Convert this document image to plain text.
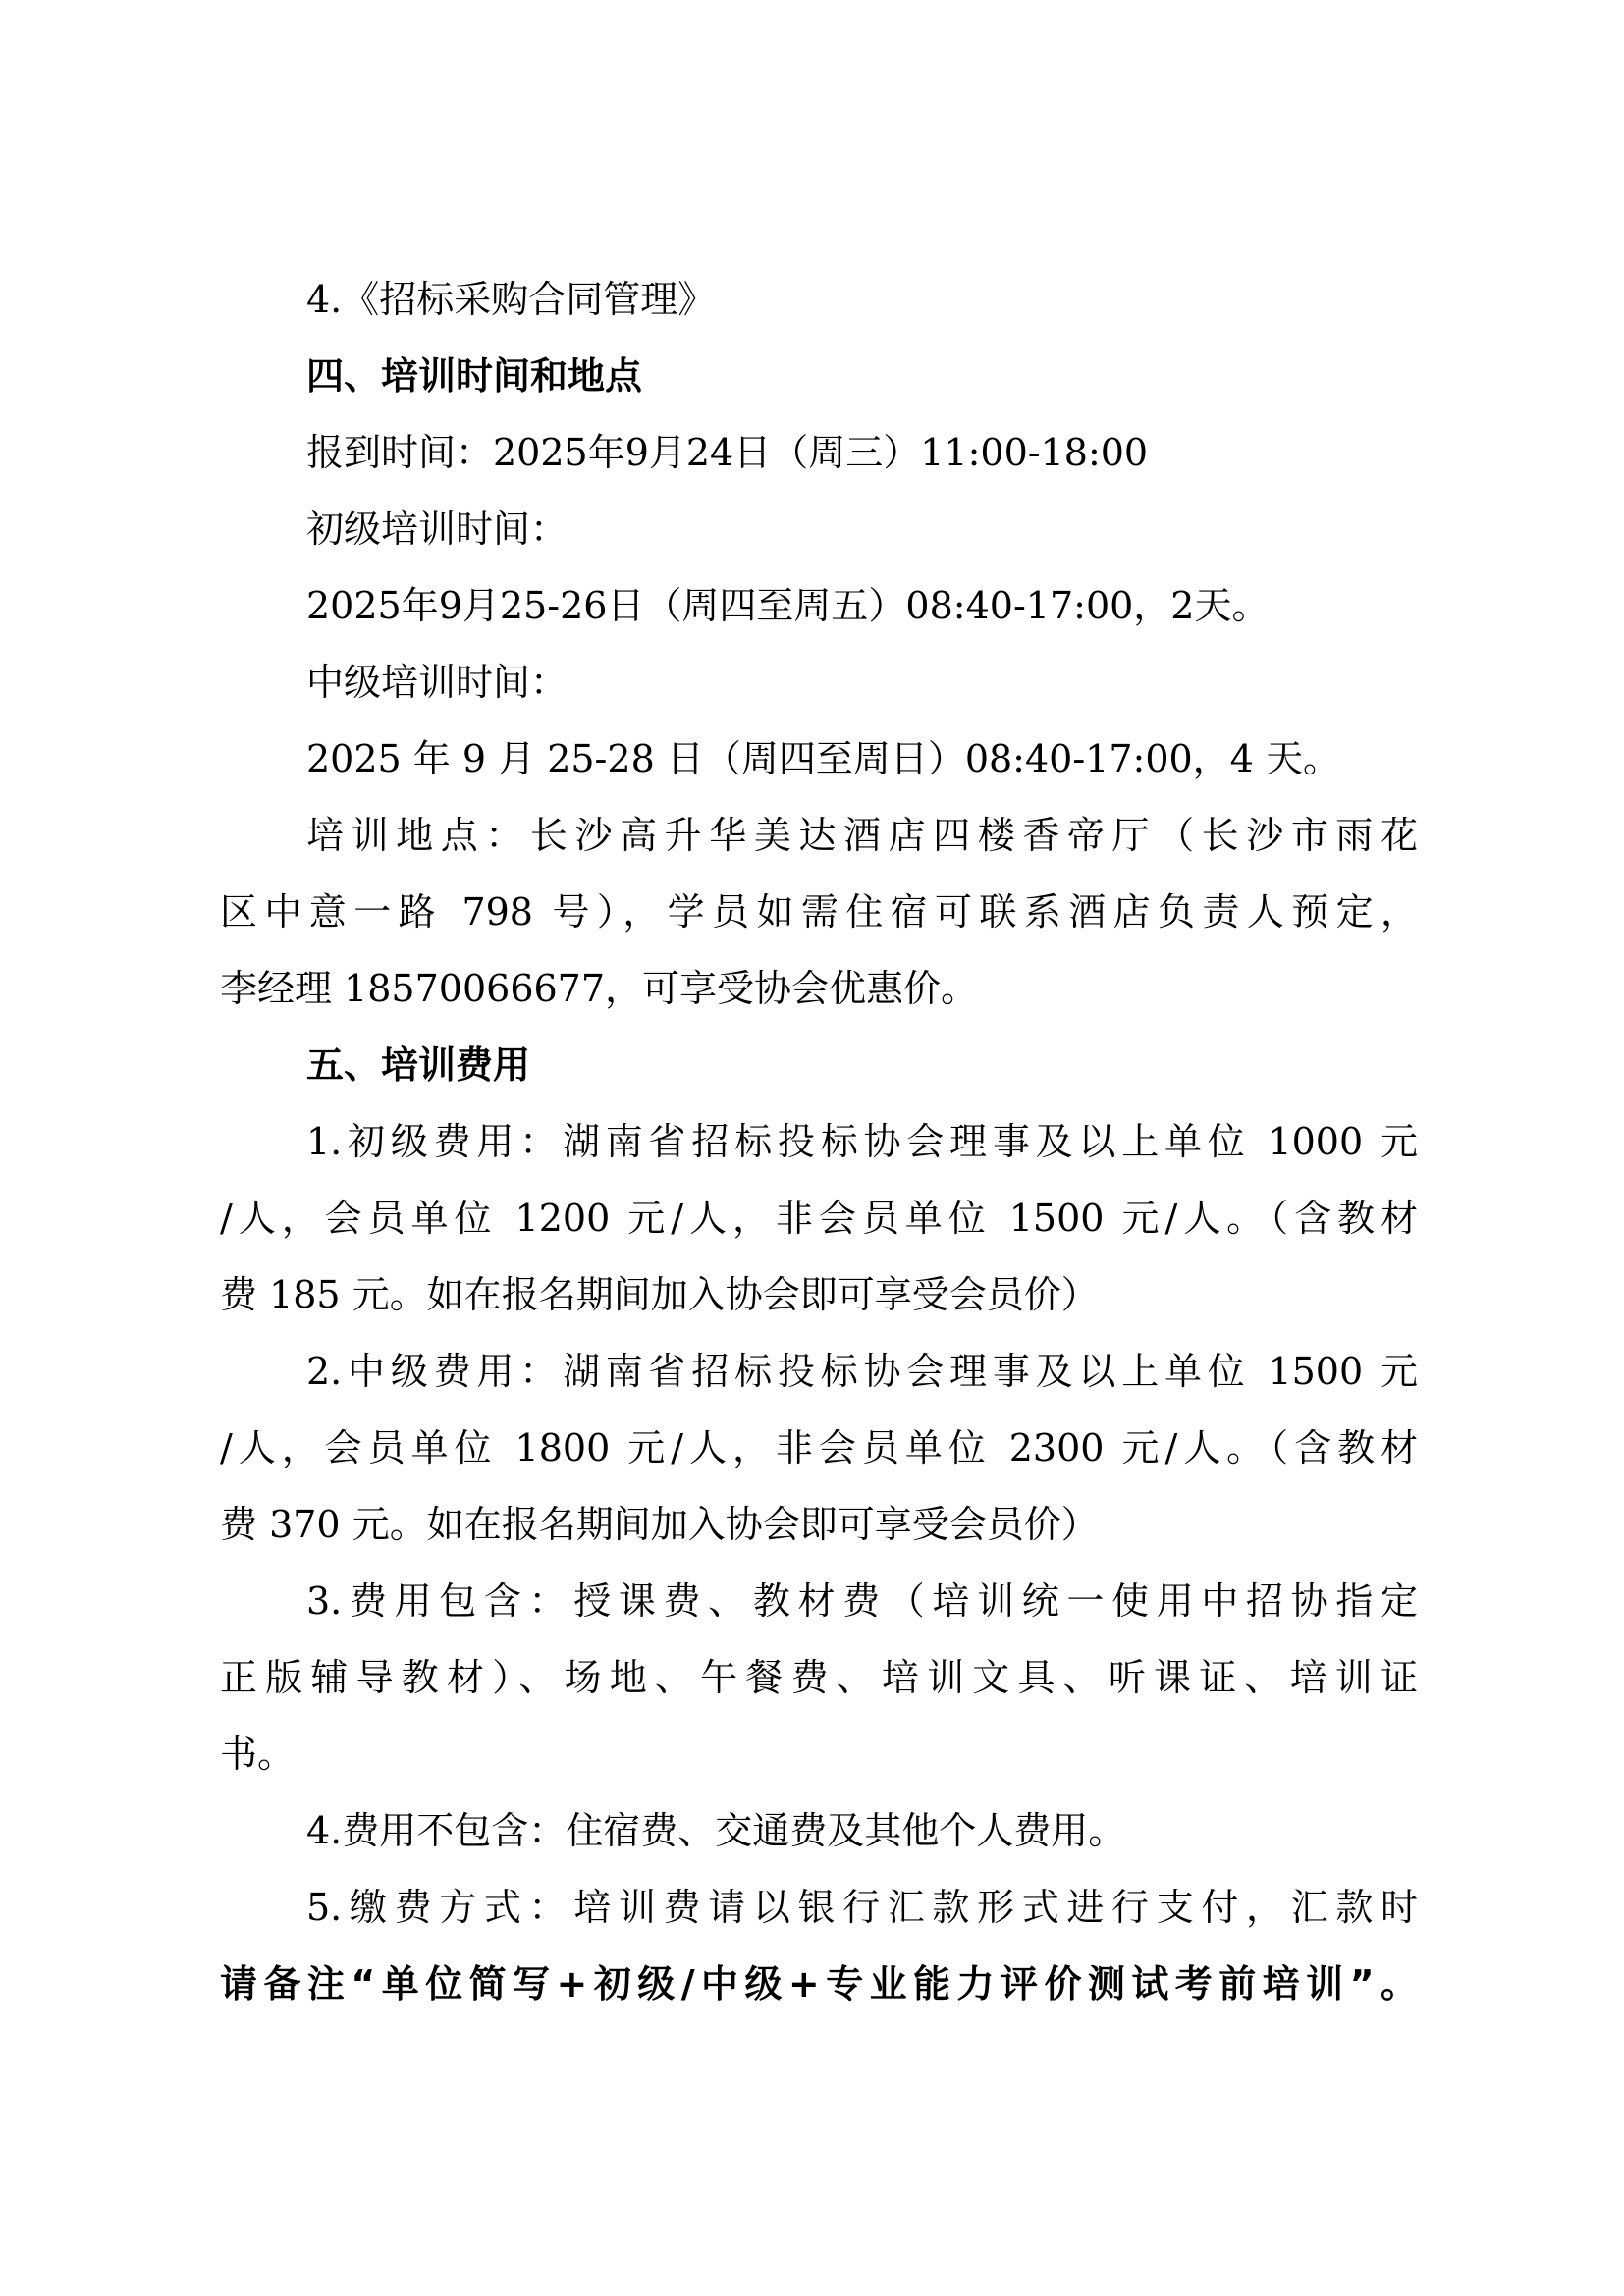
4.《招标采购合同管理》

四、培训时间和地点

报到时间：2025年9月24日（周三）11:00-18:00

初级培训时间：

2025年9月25-26日（周四至周五）08:40-17:00，2天。

中级培训时间：

2025 年 9 月 25-28 日（周四至周日）08:40-17:00，4 天。

培训地点：长沙高升华美达酒店四楼香帝厅（长沙市雨花

区中意一路 798 号），学员如需住宿可联系酒店负责人预定，

李经理 18570066677，可享受协会优惠价。

五、培训费用

1.初级费用：湖南省招标投标协会理事及以上单位 1000 元

/人，会员单位 1200 元/人，非会员单位 1500 元/人。（含教材

费 185 元。如在报名期间加入协会即可享受会员价）

2.中级费用：湖南省招标投标协会理事及以上单位 1500 元

/人，会员单位 1800 元/人，非会员单位 2300 元/人。（含教材

费 370 元。如在报名期间加入协会即可享受会员价）

3.费用包含：授课费、教材费（培训统一使用中招协指定

正版辅导教材）、场地、午餐费、培训文具、听课证、培训证

书。

4.费用不包含：住宿费、交通费及其他个人费用。

5.缴费方式：培训费请以银行汇款形式进行支付，汇款时

请备注“单位简写+初级/中级+专业能力评价测试考前培训”。
